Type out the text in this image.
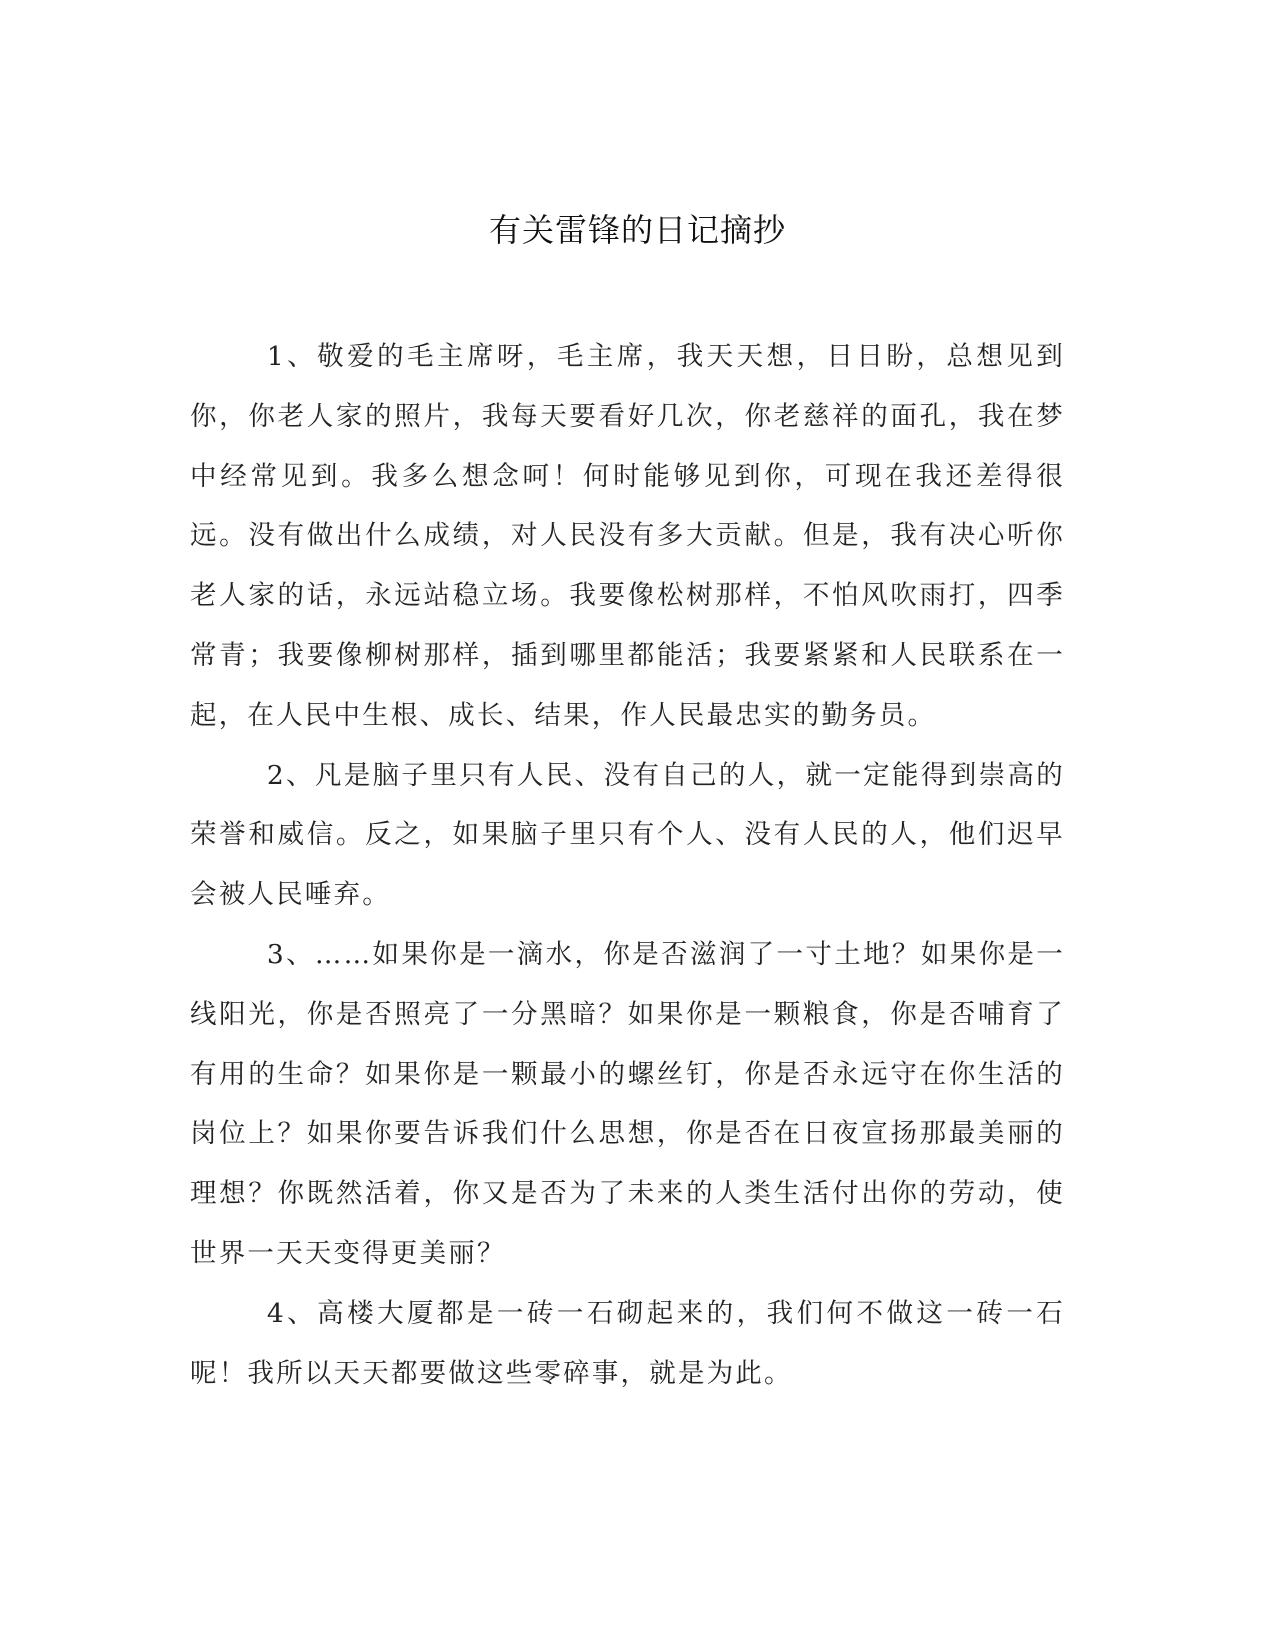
有关雷锋的日记摘抄

1、敬爱的毛主席呀，毛主席，我天天想，日日盼，总想见到你，你老人家的照片，我每天要看好几次，你老慈祥的面孔，我在梦中经常见到。我多么想念呵！何时能够见到你，可现在我还差得很远。没有做出什么成绩，对人民没有多大贡献。但是，我有决心听你老人家的话，永远站稳立场。我要像松树那样，不怕风吹雨打，四季常青；我要像柳树那样，插到哪里都能活；我要紧紧和人民联系在一起，在人民中生根、成长、结果，作人民最忠实的勤务员。

2、凡是脑子里只有人民、没有自己的人，就一定能得到崇高的荣誉和威信。反之，如果脑子里只有个人、没有人民的人，他们迟早会被人民唾弃。

3、……如果你是一滴水，你是否滋润了一寸土地？如果你是一线阳光，你是否照亮了一分黑暗？如果你是一颗粮食，你是否哺育了有用的生命？如果你是一颗最小的螺丝钉，你是否永远守在你生活的岗位上？如果你要告诉我们什么思想，你是否在日夜宣扬那最美丽的理想？你既然活着，你又是否为了未来的人类生活付出你的劳动，使世界一天天变得更美丽？

4、高楼大厦都是一砖一石砌起来的，我们何不做这一砖一石呢！我所以天天都要做这些零碎事，就是为此。
